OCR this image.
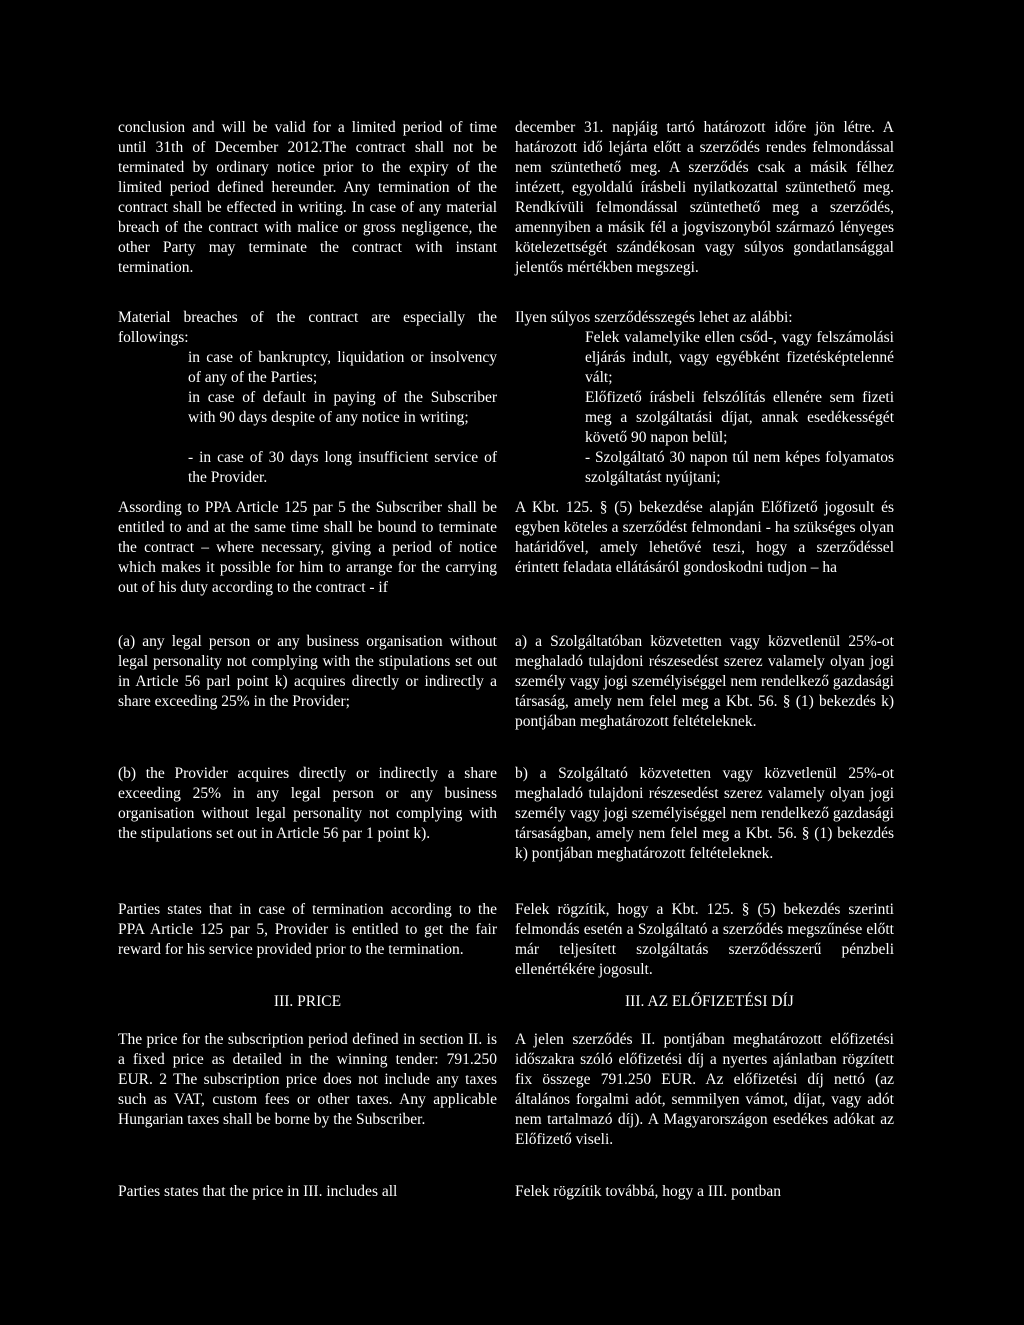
conclusion and will be valid for a limited period of time until 31th of December 2012.The contract shall not be terminated by ordinary notice prior to the expiry of the limited period defined hereunder. Any termination of the contract shall be effected in writing. In case of any material breach of the contract with malice or gross negligence, the other Party may terminate the contract with instant termination.

Material breaches of the contract are especially the followings:

in case of bankruptcy, liquidation or insolvency of any of the Parties;

in case of default in paying of the Subscriber with 90 days despite of any notice in writing;

- in case of 30 days long insufficient service of the Provider.

Assording to PPA Article 125 par 5 the Subscriber shall be entitled to and at the same time shall be bound to terminate the contract – where necessary, giving a period of notice which makes it possible for him to arrange for the carrying out of his duty according to the contract - if

(a) any legal person or any business organisation without legal personality not complying with the stipulations set out in Article 56 parl point k) acquires directly or indirectly a share exceeding 25% in the Provider;

(b) the Provider acquires directly or indirectly a share exceeding 25% in any legal person or any business organisation without legal personality not complying with the stipulations set out in Article 56 par 1 point k).

Parties states that in case of termination according to the PPA Article 125 par 5, Provider is entitled to get the fair reward for his service provided prior to the termination.

III. PRICE

The price for the subscription period defined in section II. is a fixed price as detailed in the winning tender: 791.250 EUR. 2 The subscription price does not include any taxes such as VAT, custom fees or other taxes. Any applicable Hungarian taxes shall be borne by the Subscriber.

Parties states that the price in III. includes all

december 31. napjáig tartó határozott időre jön létre. A határozott idő lejárta előtt a szerződés rendes felmondással nem szüntethető meg. A szerződés csak a másik félhez intézett, egyoldalú írásbeli nyilatkozattal szüntethető meg. Rendkívüli felmondással szüntethető meg a szerződés, amennyiben a másik fél a jogviszonyból származó lényeges kötelezettségét szándékosan vagy súlyos gondatlansággal jelentős mértékben megszegi.

Ilyen súlyos szerződésszegés lehet az alábbi:

Felek valamelyike ellen csőd-, vagy felszámolási eljárás indult, vagy egyébként fizetésképtelenné vált;

Előfizető írásbeli felszólítás ellenére sem fizeti meg a szolgáltatási díjat, annak esedékességét követő 90 napon belül;

- Szolgáltató 30 napon túl nem képes folyamatos szolgáltatást nyújtani;

A Kbt. 125. § (5) bekezdése alapján Előfizető jogosult és egyben köteles a szerződést felmondani - ha szükséges olyan határidővel, amely lehetővé teszi, hogy a szerződéssel érintett feladata ellátásáról gondoskodni tudjon – ha

a) a Szolgáltatóban közvetetten vagy közvetlenül 25%-ot meghaladó tulajdoni részesedést szerez valamely olyan jogi személy vagy jogi személyiséggel nem rendelkező gazdasági társaság, amely nem felel meg a Kbt. 56. § (1) bekezdés k) pontjában meghatározott feltételeknek.

b) a Szolgáltató közvetetten vagy közvetlenül 25%-ot meghaladó tulajdoni részesedést szerez valamely olyan jogi személy vagy jogi személyiséggel nem rendelkező gazdasági társaságban, amely nem felel meg a Kbt. 56. § (1) bekezdés k) pontjában meghatározott feltételeknek.

Felek rögzítik, hogy a Kbt. 125. § (5) bekezdés szerinti felmondás esetén a Szolgáltató a szerződés megszűnése előtt már teljesített szolgáltatás szerződésszerű pénzbeli ellenértékére jogosult.

III. AZ ELŐFIZETÉSI DÍJ

A jelen szerződés II. pontjában meghatározott előfizetési időszakra szóló előfizetési díj a nyertes ajánlatban rögzített fix összege 791.250 EUR. Az előfizetési díj nettó (az általános forgalmi adót, semmilyen vámot, díjat, vagy adót nem tartalmazó díj). A Magyarországon esedékes adókat az Előfizető viseli.

Felek rögzítik továbbá, hogy a III. pontban
